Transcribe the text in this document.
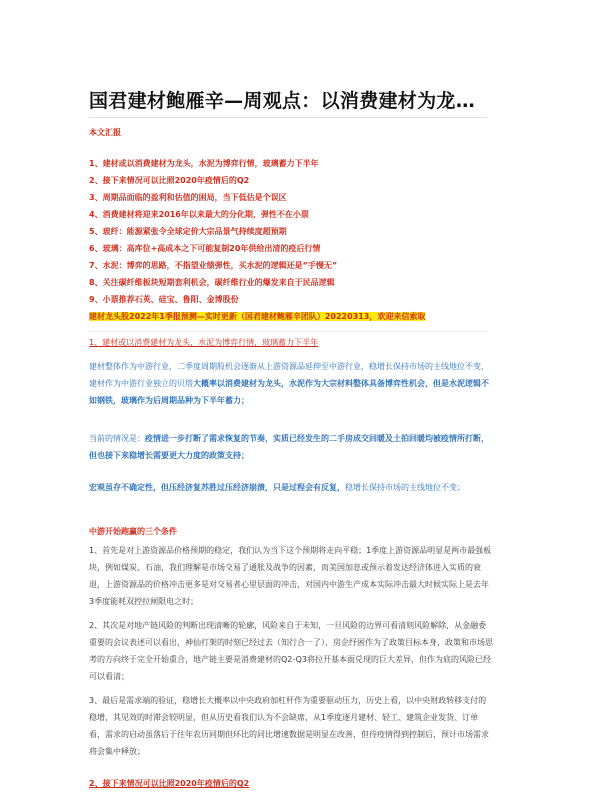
国君建材鲍雁辛—周观点：以消费建材为龙…
本文汇报
1、建材或以消费建材为龙头，水泥为博弈行情，玻璃蓄力下半年
2、接下来情况可以比照2020年疫情后的Q2
3、周期品面临的盈利和估值的困局，当下低估是个误区
4、消费建材将迎来2016年以来最大的分化期，弹性不在小票
5、玻纤：能源紧张令全球定价大宗品景气持续度超预期
6、玻璃：高库位+高成本之下可能复制20年供给出清的疫后行情
7、水泥：博弈的思路，不指望业绩弹性，买水泥的逻辑还是“手慢无”
8、关注碳纤维板块短期套利机会，碳纤维行业的爆发来自于民品逻辑
9、小票推荐石英、硅宝、鲁阳、金博股份
建材龙头股2022年1季报预测—实时更新（国君建材鲍雁辛团队）20220313，欢迎来信索取
1、建材或以消费建材为龙头，水泥为博弈行情，玻璃蓄力下半年
建材整体作为中游行业，二季度周期股机会逐渐从上游资源品延伸至中游行业，稳增长保持市场的主线地位不变，建材作为中游行业独立的贝塔大概率以消费建材为龙头，水泥作为大宗材料整体具备博弈性机会，但是水泥逻辑不如钢铁，玻璃作为后周期品种为下半年蓄力；
当前的情况是：疫情进一步打断了需求恢复的节奏，实质已经发生的二手房成交回暖及土拍回暖均被疫情所打断，但也接下来稳增长需要更大力度的政策支持；
宏观虽存不确定性，但压经济复苏胜过压经济崩溃，只是过程会有反复，稳增长保持市场的主线地位不变；
中游开始跑赢的三个条件
1、首先是对上游资源品价格预期的稳定，我们认为当下这个预期将走向平稳；1季度上游资源品明显是两市最强板块，例如煤炭、石油，我们理解是市场交易了通胀及战争的因素，而美国加息或预示着发达经济体进入实质的衰退，上游资源品的价格冲击更多是对交易者心里层面的冲击，对国内中游生产成本实际冲击最大时候实际上是去年3季度能耗双控拉闸限电之时；
2、其次是对地产链风险的判断出现清晰的轮廓，风险来自于未知，一旦风险的边界可看清则风险解除，从金融委重要的会议表述可以看出，神仙打架的时刻已经过去（知行合一了），房企纾困作为了政策目标本身，政策和市场思考的方向终于完全开始重合，地产链主要是消费建材的Q2-Q3将拉开基本面兑现的巨大差异，但作为底的风险已经可以看清；
3、最后是需求端的验证，稳增长大概率以中央政府加杠杆作为重要驱动压力，历史上看，以中央财政转移支付的稳增，其见效的时滞会较明显，但从历史看我们认为不会缺席，从1季度逐月建材、轻工、建筑企业发货、订单看，需求的启动虽落后于往年农历同期但环比的同比增速数据是明显在改善，但待疫情得到控制后，预计市场需求将会集中释放；
2、接下来情况可以比照2020年疫情后的Q2
